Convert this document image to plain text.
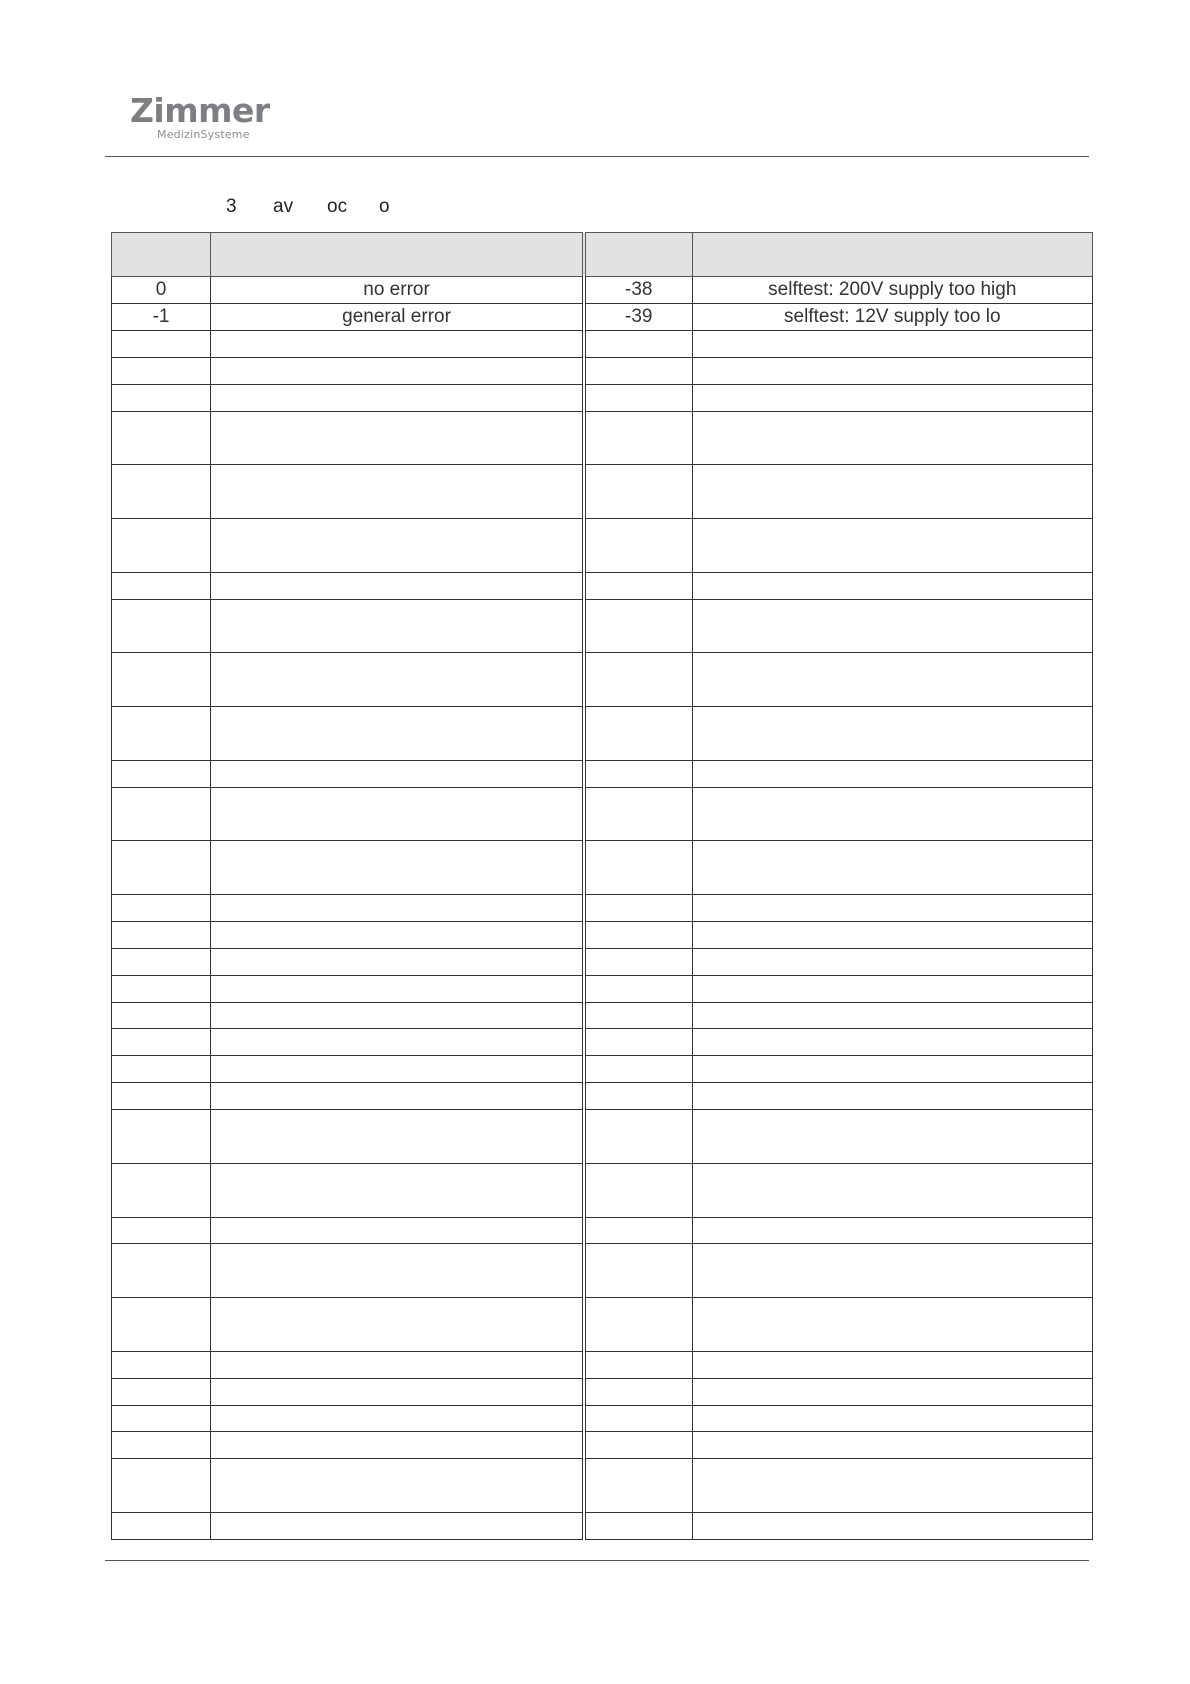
Zimmer
MedizinSysteme
3 av oc o

0	no error	-38	selftest: 200V supply too high
-1	general error	-39	selftest: 12V supply too lo
